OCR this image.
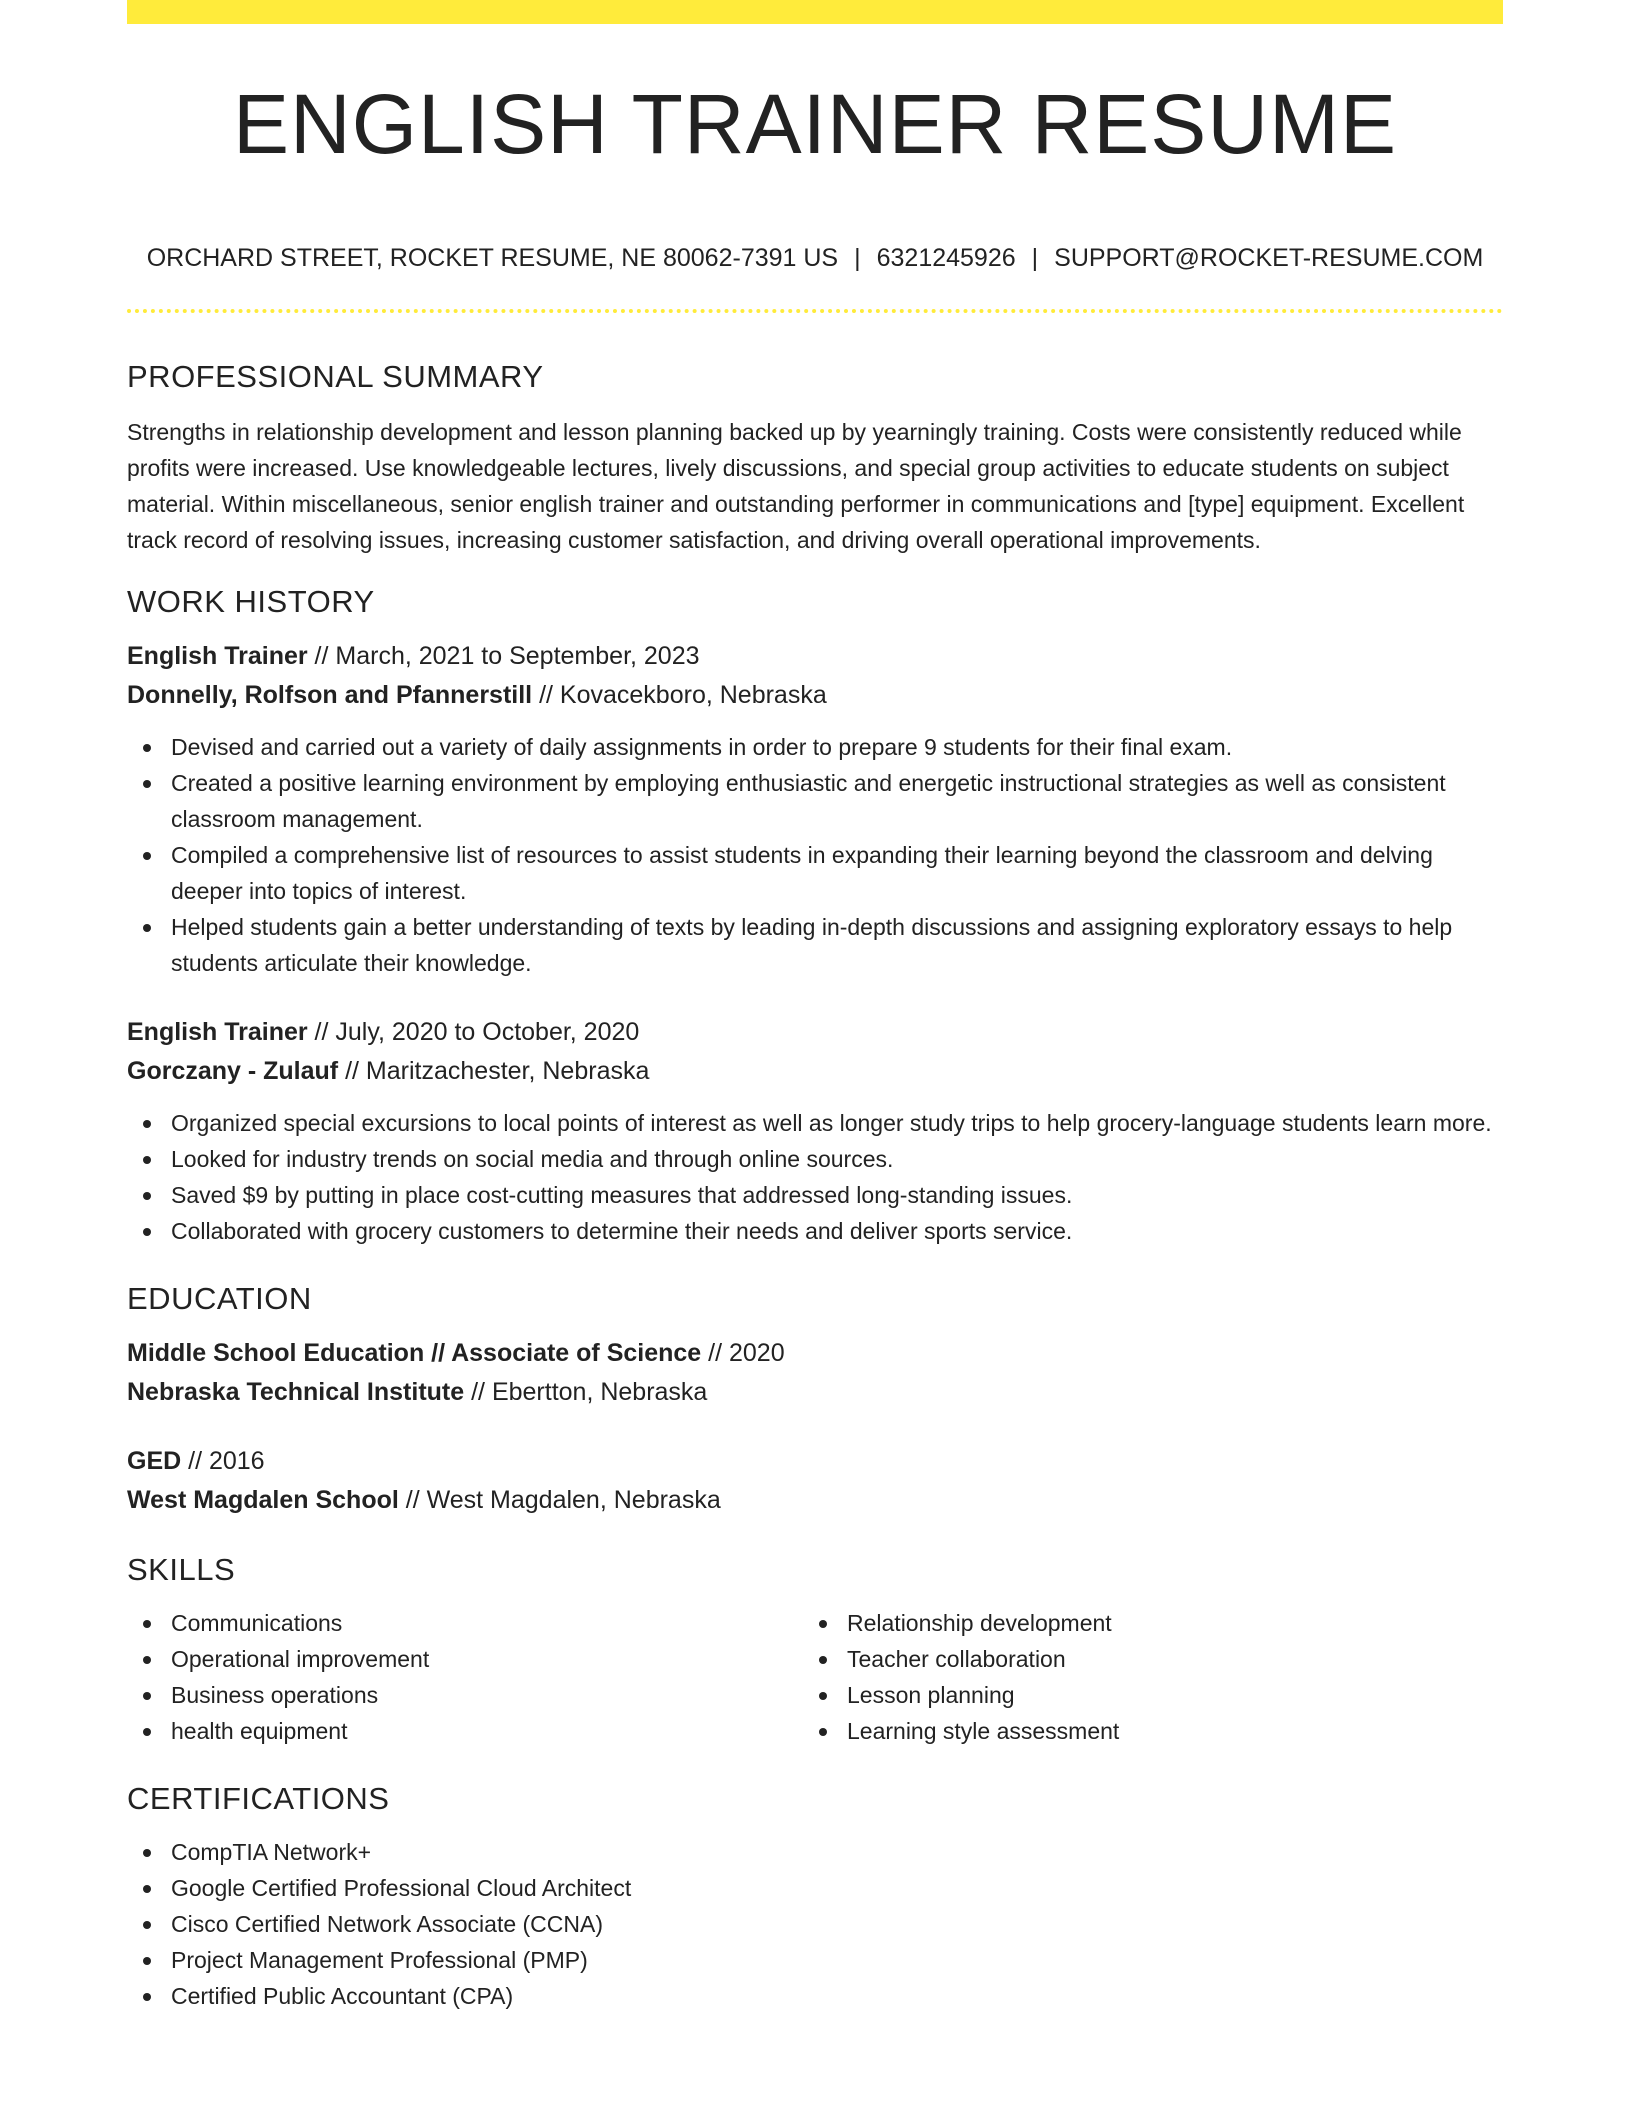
ENGLISH TRAINER RESUME
ORCHARD STREET, ROCKET RESUME, NE 80062-7391 US | 6321245926 | SUPPORT@ROCKET-RESUME.COM
PROFESSIONAL SUMMARY

Strengths in relationship development and lesson planning backed up by yearningly training. Costs were consistently reduced while profits were increased. Use knowledgeable lectures, lively discussions, and special group activities to educate students on subject material. Within miscellaneous, senior english trainer and outstanding performer in communications and [type] equipment. Excellent track record of resolving issues, increasing customer satisfaction, and driving overall operational improvements.

WORK HISTORY
English Trainer // March, 2021 to September, 2023
Donnelly, Rolfson and Pfannerstill // Kovacekboro, Nebraska
Devised and carried out a variety of daily assignments in order to prepare 9 students for their final exam.
Created a positive learning environment by employing enthusiastic and energetic instructional strategies as well as consistent classroom management.
Compiled a comprehensive list of resources to assist students in expanding their learning beyond the classroom and delving deeper into topics of interest.
Helped students gain a better understanding of texts by leading in-depth discussions and assigning exploratory essays to help students articulate their knowledge.
English Trainer // July, 2020 to October, 2020
Gorczany - Zulauf // Maritzachester, Nebraska
Organized special excursions to local points of interest as well as longer study trips to help grocery-language students learn more.
Looked for industry trends on social media and through online sources.
Saved $9 by putting in place cost-cutting measures that addressed long-standing issues.
Collaborated with grocery customers to determine their needs and deliver sports service.
EDUCATION
Middle School Education // Associate of Science // 2020
Nebraska Technical Institute // Ebertton, Nebraska
GED // 2016
West Magdalen School // West Magdalen, Nebraska
SKILLS
Communications
Operational improvement
Business operations
health equipment
Relationship development
Teacher collaboration
Lesson planning
Learning style assessment
CERTIFICATIONS
CompTIA Network+
Google Certified Professional Cloud Architect
Cisco Certified Network Associate (CCNA)
Project Management Professional (PMP)
Certified Public Accountant (CPA)
